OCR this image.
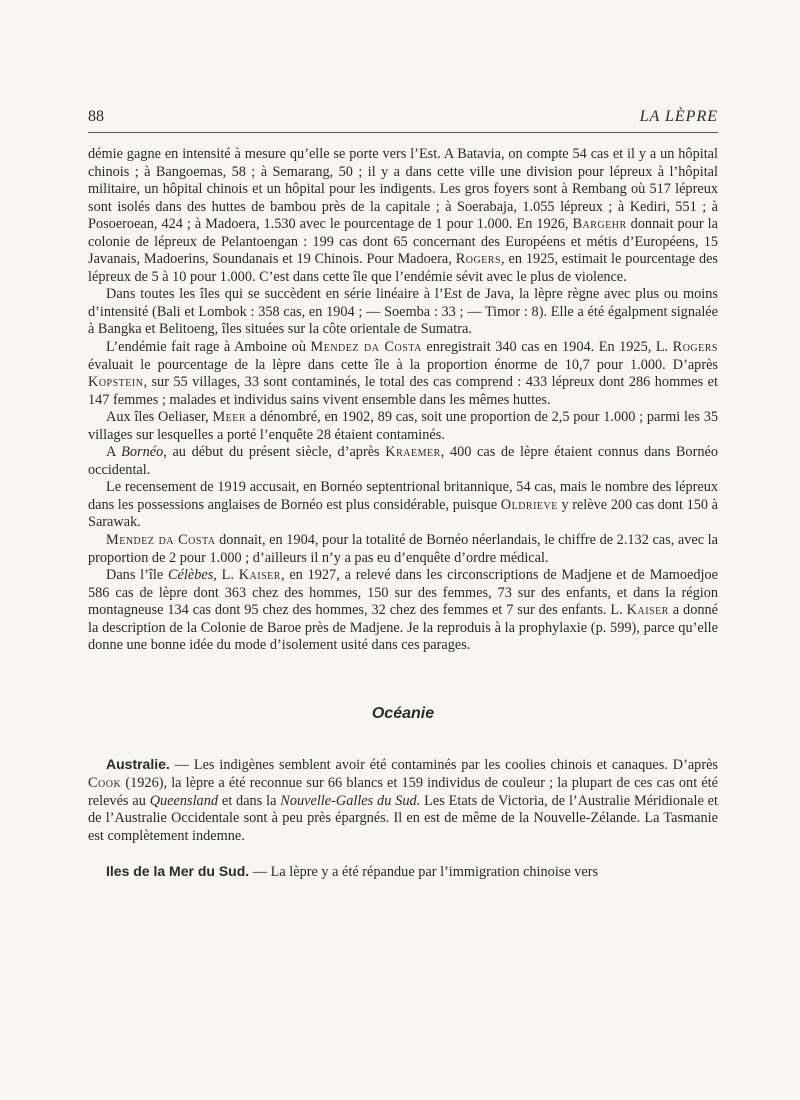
88	LA LÈPRE

démie gagne en intensité à mesure qu’elle se porte vers l’Est. A Batavia, on compte 54 cas et il y a un hôpital chinois ; à Bangoemas, 58 ; à Semarang, 50 ; il y a dans cette ville une division pour lépreux à l’hôpital militaire, un hôpital chinois et un hôpital pour les indigents. Les gros foyers sont à Rembang où 517 lépreux sont isolés dans des huttes de bambou près de la capitale ; à Soerabaja, 1.055 lépreux ; à Kediri, 551 ; à Posoeroean, 424 ; à Madoera, 1.530 avec le pourcentage de 1 pour 1.000. En 1926, Bargehr donnait pour la colonie de lépreux de Pelantoengan : 199 cas dont 65 concernant des Européens et métis d’Européens, 15 Javanais, Madoerins, Soundanais et 19 Chinois. Pour Madoera, Rogers, en 1925, estimait le pourcentage des lépreux de 5 à 10 pour 1.000. C’est dans cette île que l’endémie sévit avec le plus de violence.

Dans toutes les îles qui se succèdent en série linéaire à l’Est de Java, la lèpre règne avec plus ou moins d’intensité (Bali et Lombok : 358 cas, en 1904 ; — Soemba : 33 ; — Timor : 8). Elle a été égalpment signalée à Bangka et Belitoeng, îles situées sur la côte orientale de Sumatra.

L’endémie fait rage à Amboine où Mendez da Costa enregistrait 340 cas en 1904. En 1925, L. Rogers évaluait le pourcentage de la lèpre dans cette île à la proportion énorme de 10,7 pour 1.000. D’après Kopstein, sur 55 villages, 33 sont contaminés, le total des cas comprend : 433 lépreux dont 286 hommes et 147 femmes ; malades et individus sains vivent ensemble dans les mêmes huttes.

Aux îles Oeliaser, Meer a dénombré, en 1902, 89 cas, soit une proportion de 2,5 pour 1.000 ; parmi les 35 villages sur lesquelles a porté l’enquête 28 étaient contaminés.

A Bornéo, au début du présent siècle, d’après Kraemer, 400 cas de lèpre étaient connus dans Bornéo occidental.

Le recensement de 1919 accusait, en Bornéo septentrional britannique, 54 cas, mais le nombre des lépreux dans les possessions anglaises de Bornéo est plus considérable, puisque Oldrieve y relève 200 cas dont 150 à Sarawak.

Mendez da Costa donnait, en 1904, pour la totalité de Bornéo néerlandais, le chiffre de 2.132 cas, avec la proportion de 2 pour 1.000 ; d’ailleurs il n’y a pas eu d’enquête d’ordre médical.

Dans l’île Célèbes, L. Kaiser, en 1927, a relevé dans les circonscriptions de Madjene et de Mamoedjoe 586 cas de lèpre dont 363 chez des hommes, 150 sur des femmes, 73 sur des enfants, et dans la région montagneuse 134 cas dont 95 chez des hommes, 32 chez des femmes et 7 sur des enfants. L. Kaiser a donné la description de la Colonie de Baroe près de Madjene. Je la reproduis à la prophylaxie (p. 599), parce qu’elle donne une bonne idée du mode d’isolement usité dans ces parages.

Océanie

Australie. — Les indigènes semblent avoir été contaminés par les coolies chinois et canaques. D’après Cook (1926), la lèpre a été reconnue sur 66 blancs et 159 individus de couleur ; la plupart de ces cas ont été relevés au Queensland et dans la Nouvelle-Galles du Sud. Les Etats de Victoria, de l’Australie Méridionale et de l’Australie Occidentale sont à peu près épargnés. Il en est de même de la Nouvelle-Zélande. La Tasmanie est complètement indemne.

Iles de la Mer du Sud. — La lèpre y a été répandue par l’immigration chinoise vers
